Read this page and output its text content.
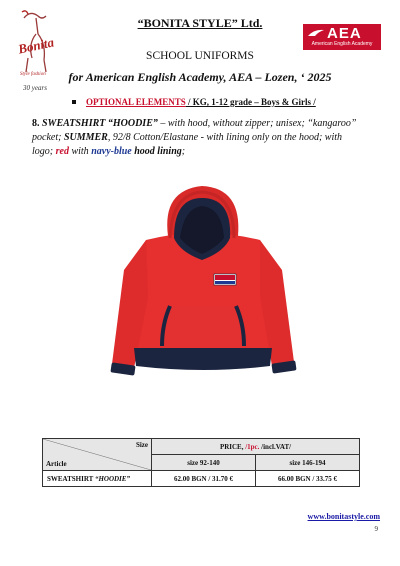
Bonita
Style fashion
30 years
“BONITA STYLE” Ltd.
SCHOOL UNIFORMS
for American English Academy, AEA – Lozen, ‘ 2025
AEA
American English Academy
OPTIONAL ELEMENTS / KG, 1-12 grade – Boys & Girls /
8. SWEATSHIRT “HOODIE” – with hood, without zipper; unisex; “kangaroo” pocket; SUMMER, 92/8 Cotton/Elastane - with lining only on the hood; with logo; red with navy-blue hood lining;
Size
Article	PRICE, /1pc. /incl.VAT/	
	size 92-140	size 146-194
SWEATSHIRT “HOODIE”	62.00 BGN / 31.70 €	66.00 BGN / 33.75 €
www.bonitastyle.com
9
